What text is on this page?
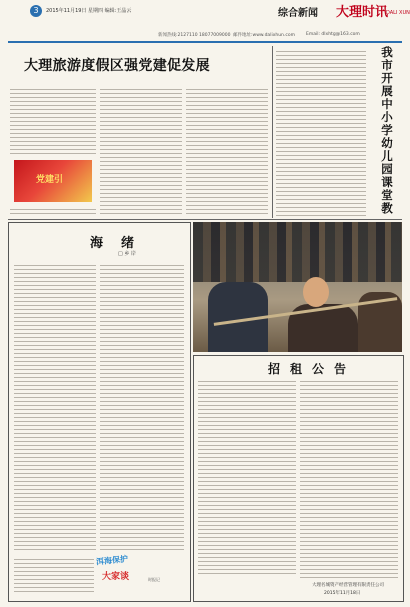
3	2015年11月19日 星期四 编辑:王晶云	综合新闻 大理时讯
DALI XUN
新闻热线:2127110 18077009000 邮件地址:www.dalixhun.com Email: dlxhtg@163.com
大理旅游度假区强党建促发展
党建引
我
市
开
展
中
小
学
幼
儿
园
课
堂
教
海绪
□ 乡 岸
洱海保护
大家谈	时报记
招租公告
大理名城资产经营管理有限责任公司
2015年11月18日
